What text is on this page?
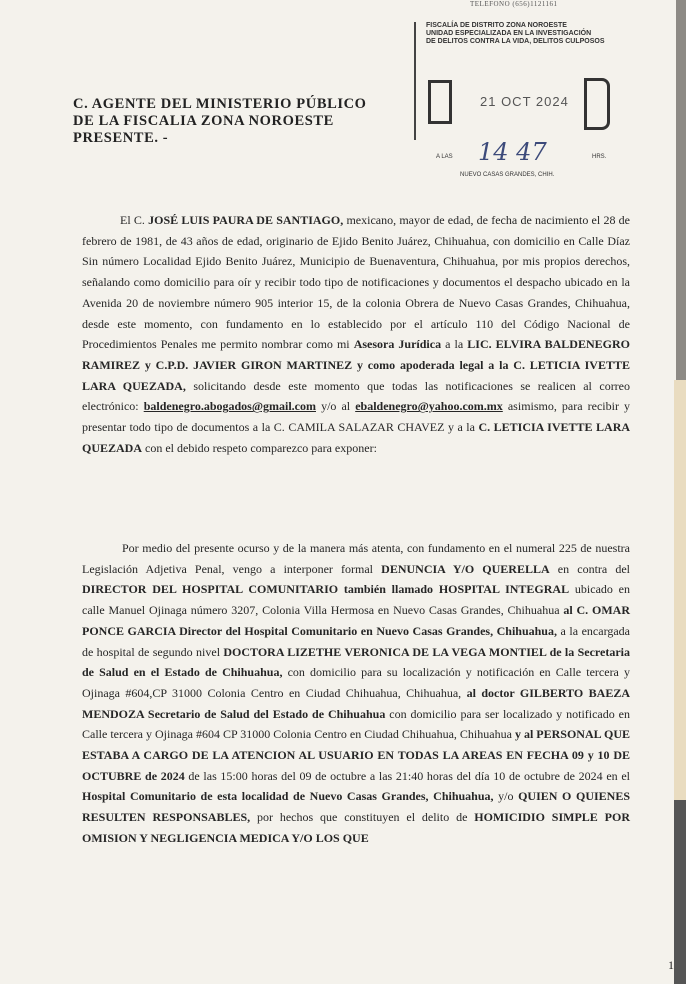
TELEFONO (656)1121161
FISCALÍA DE DISTRITO ZONA NOROESTE
UNIDAD ESPECIALIZADA EN LA INVESTIGACIÓN
DE DELITOS CONTRA LA VIDA, DELITOS CULPOSOS
21 OCT 2024
A LAS 14 47	HRS.
NUEVO CASAS GRANDES, CHIH.
C. AGENTE DEL MINISTERIO PÚBLICO
DE LA FISCALIA ZONA NOROESTE
PRESENTE. -
El C. JOSÉ LUIS PAURA DE SANTIAGO, mexicano, mayor de edad, de fecha de nacimiento el 28 de febrero de 1981, de 43 años de edad, originario de Ejido Benito Juárez, Chihuahua, con domicilio en Calle Díaz Sin número Localidad Ejido Benito Juárez, Municipio de Buenaventura, Chihuahua, por mis propios derechos, señalando como domicilio para oír y recibir todo tipo de notificaciones y documentos el despacho ubicado en la Avenida 20 de noviembre número 905 interior 15, de la colonia Obrera de Nuevo Casas Grandes, Chihuahua, desde este momento, con fundamento en lo establecido por el artículo 110 del Código Nacional de Procedimientos Penales me permito nombrar como mi Asesora Jurídica a la LIC. ELVIRA BALDENEGRO RAMIREZ y C.P.D. JAVIER GIRON MARTINEZ y como apoderada legal a la C. LETICIA IVETTE LARA QUEZADA, solicitando desde este momento que todas las notificaciones se realicen al correo electrónico: baldenegro.abogados@gmail.com y/o al ebaldenegro@yahoo.com.mx asimismo, para recibir y presentar todo tipo de documentos a la C. CAMILA SALAZAR CHAVEZ y a la C. LETICIA IVETTE LARA QUEZADA con el debido respeto comparezco para exponer:
Por medio del presente ocurso y de la manera más atenta, con fundamento en el numeral 225 de nuestra Legislación Adjetiva Penal, vengo a interponer formal DENUNCIA Y/O QUERELLA en contra del DIRECTOR DEL HOSPITAL COMUNITARIO también llamado HOSPITAL INTEGRAL ubicado en calle Manuel Ojinaga número 3207, Colonia Villa Hermosa en Nuevo Casas Grandes, Chihuahua al C. OMAR PONCE GARCIA Director del Hospital Comunitario en Nuevo Casas Grandes, Chihuahua, a la encargada de hospital de segundo nivel DOCTORA LIZETHE VERONICA DE LA VEGA MONTIEL de la Secretaria de Salud en el Estado de Chihuahua, con domicilio para su localización y notificación en Calle tercera y Ojinaga #604,CP 31000 Colonia Centro en Ciudad Chihuahua, Chihuahua, al doctor GILBERTO BAEZA MENDOZA Secretario de Salud del Estado de Chihuahua con domicilio para ser localizado y notificado en Calle tercera y Ojinaga #604 CP 31000 Colonia Centro en Ciudad Chihuahua, Chihuahua y al PERSONAL QUE ESTABA A CARGO DE LA ATENCION AL USUARIO EN TODAS LA AREAS EN FECHA 09 y 10 DE OCTUBRE de 2024 de las 15:00 horas del 09 de octubre a las 21:40 horas del día 10 de octubre de 2024 en el Hospital Comunitario de esta localidad de Nuevo Casas Grandes, Chihuahua, y/o QUIEN O QUIENES RESULTEN RESPONSABLES, por hechos que constituyen el delito de HOMICIDIO SIMPLE POR OMISION Y NEGLIGENCIA MEDICA Y/O LOS QUE
1
